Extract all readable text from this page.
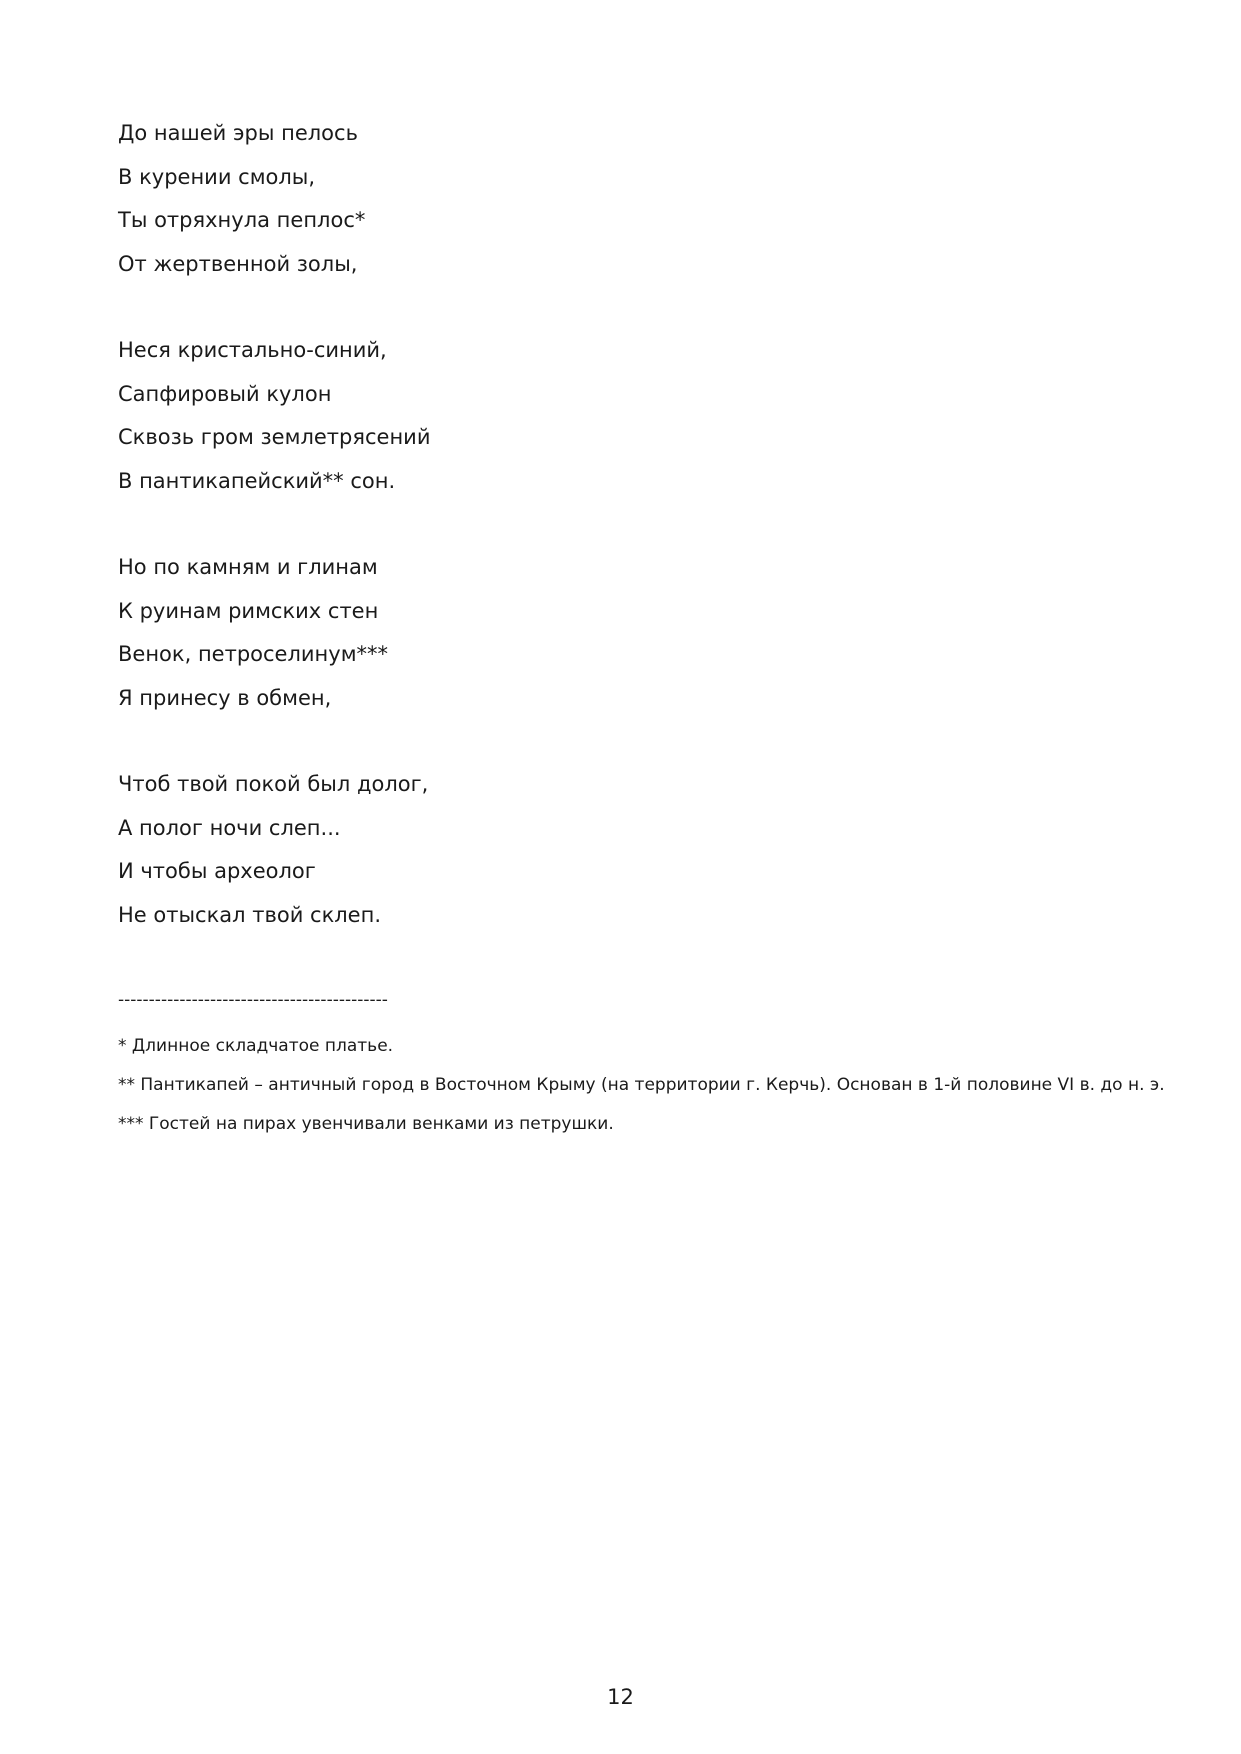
До нашей эры пелось
В курении смолы,
Ты отряхнула пеплос*
От жертвенной золы,
Неся кристально-синий,
Сапфировый кулон
Сквозь гром землетрясений
В пантикапейский** сон.
Но по камням и глинам
К руинам римских стен
Венок, петроселинум***
Я принесу в обмен,
Чтоб твой покой был долог,
А полог ночи слеп...
И чтобы археолог
Не отыскал твой склеп.
--------------------------------------------
* Длинное складчатое платье.
** Пантикапей – античный город в Восточном Крыму (на территории г. Керчь). Основан в 1-й половине VI в. до н. э.
*** Гостей на пирах увенчивали венками из петрушки.
12
